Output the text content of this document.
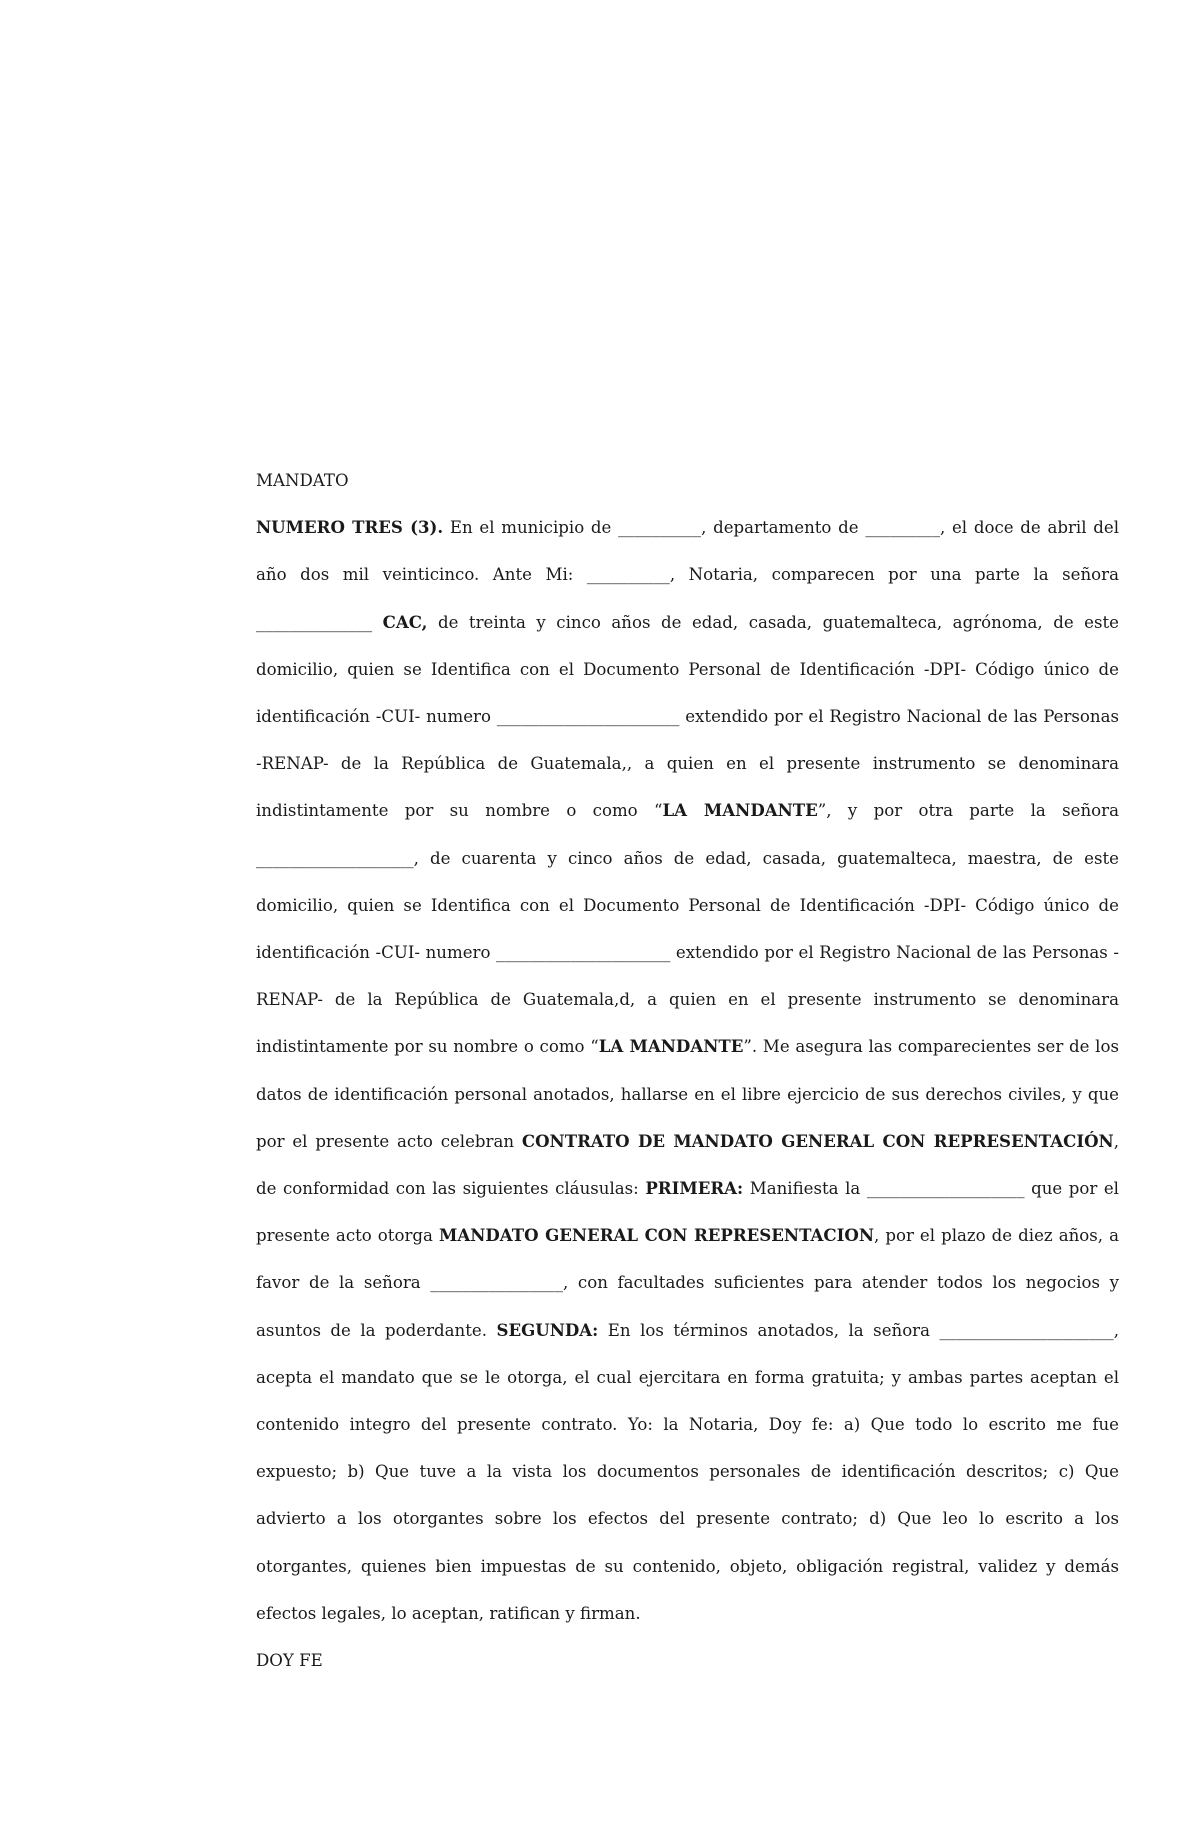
MANDATO

NUMERO TRES (3). En el municipio de __________, departamento de _________, el doce de abril del año dos mil veinticinco. Ante Mi: __________, Notaria, comparecen por una parte la señora ______________ CAC, de treinta y cinco años de edad, casada, guatemalteca, agrónoma, de este domicilio, quien se Identifica con el Documento Personal de Identificación -DPI- Código único de identificación -CUI- numero ______________________ extendido por el Registro Nacional de las Personas -RENAP- de la República de Guatemala,, a quien en el presente instrumento se denominara indistintamente por su nombre o como “LA MANDANTE”, y por otra parte la señora ___________________, de cuarenta y cinco años de edad, casada, guatemalteca, maestra, de este domicilio, quien se Identifica con el Documento Personal de Identificación -DPI- Código único de identificación -CUI- numero _____________________ extendido por el Registro Nacional de las Personas -RENAP- de la República de Guatemala,d, a quien en el presente instrumento se denominara indistintamente por su nombre o como “LA MANDANTE”. Me asegura las comparecientes ser de los datos de identificación personal anotados, hallarse en el libre ejercicio de sus derechos civiles, y que por el presente acto celebran CONTRATO DE MANDATO GENERAL CON REPRESENTACIÓN, de conformidad con las siguientes cláusulas: PRIMERA: Manifiesta la ___________________ que por el presente acto otorga MANDATO GENERAL CON REPRESENTACION, por el plazo de diez años, a favor de la señora ________________, con facultades suficientes para atender todos los negocios y asuntos de la poderdante. SEGUNDA: En los términos anotados, la señora _____________________, acepta el mandato que se le otorga, el cual ejercitara en forma gratuita; y ambas partes aceptan el contenido integro del presente contrato. Yo: la Notaria, Doy fe: a) Que todo lo escrito me fue expuesto; b) Que tuve a la vista los documentos personales de identificación descritos; c) Que advierto a los otorgantes sobre los efectos del presente contrato; d) Que leo lo escrito a los otorgantes, quienes bien impuestas de su contenido, objeto, obligación registral, validez y demás efectos legales, lo aceptan, ratifican y firman.

DOY FE
